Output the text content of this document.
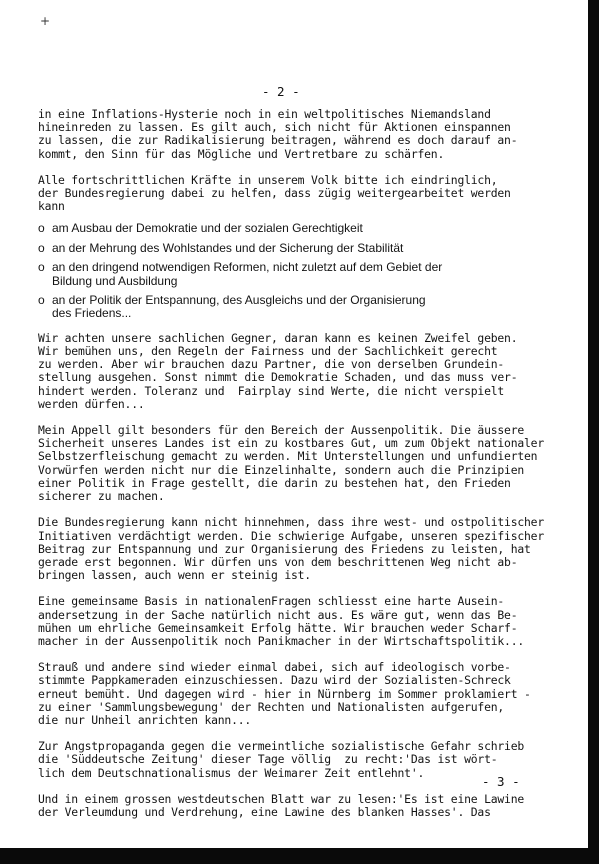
+
- 2 -

in eine Inflations-Hysterie noch in ein weltpolitisches Niemandsland
hineinreden zu lassen. Es gilt auch, sich nicht für Aktionen einspannen
zu lassen, die zur Radikalisierung beitragen, während es doch darauf an-
kommt, den Sinn für das Mögliche und Vertretbare zu schärfen.

Alle fortschrittlichen Kräfte in unserem Volk bitte ich eindringlich,
der Bundesregierung dabei zu helfen, dass zügig weitergearbeitet werden
kann

o am Ausbau der Demokratie und der sozialen Gerechtigkeit
o an der Mehrung des Wohlstandes und der Sicherung der Stabilität
o an den dringend notwendigen Reformen, nicht zuletzt auf dem Gebiet der
Bildung und Ausbildung
o an der Politik der Entspannung, des Ausgleichs und der Organisierung
des Friedens...

Wir achten unsere sachlichen Gegner, daran kann es keinen Zweifel geben.
Wir bemühen uns, den Regeln der Fairness und der Sachlichkeit gerecht
zu werden. Aber wir brauchen dazu Partner, die von derselben Grundein-
stellung ausgehen. Sonst nimmt die Demokratie Schaden, und das muss ver-
hindert werden. Toleranz und  Fairplay sind Werte, die nicht verspielt
werden dürfen...

Mein Appell gilt besonders für den Bereich der Aussenpolitik. Die äussere
Sicherheit unseres Landes ist ein zu kostbares Gut, um zum Objekt nationaler
Selbstzerfleischung gemacht zu werden. Mit Unterstellungen und unfundierten
Vorwürfen werden nicht nur die Einzelinhalte, sondern auch die Prinzipien
einer Politik in Frage gestellt, die darin zu bestehen hat, den Frieden
sicherer zu machen.

Die Bundesregierung kann nicht hinnehmen, dass ihre west- und ostpolitischer
Initiativen verdächtigt werden. Die schwierige Aufgabe, unseren spezifischer
Beitrag zur Entspannung und zur Organisierung des Friedens zu leisten, hat
gerade erst begonnen. Wir dürfen uns von dem beschrittenen Weg nicht ab-
bringen lassen, auch wenn er steinig ist.

Eine gemeinsame Basis in nationalenFragen schliesst eine harte Ausein-
andersetzung in der Sache natürlich nicht aus. Es wäre gut, wenn das Be-
mühen um ehrliche Gemeinsamkeit Erfolg hätte. Wir brauchen weder Scharf-
macher in der Aussenpolitik noch Panikmacher in der Wirtschaftspolitik...

Strauß und andere sind wieder einmal dabei, sich auf ideologisch vorbe-
stimmte Pappkameraden einzuschiessen. Dazu wird der Sozialisten-Schreck
erneut bemüht. Und dagegen wird - hier in Nürnberg im Sommer proklamiert -
zu einer 'Sammlungsbewegung' der Rechten und Nationalisten aufgerufen,
die nur Unheil anrichten kann...

Zur Angstpropaganda gegen die vermeintliche sozialistische Gefahr schrieb
die 'Süddeutsche Zeitung' dieser Tage völlig  zu recht:'Das ist wört-
lich dem Deutschnationalismus der Weimarer Zeit entlehnt'.

Und in einem grossen westdeutschen Blatt war zu lesen:'Es ist eine Lawine
der Verleumdung und Verdrehung, eine Lawine des blanken Hasses'. Das

- 3 -
